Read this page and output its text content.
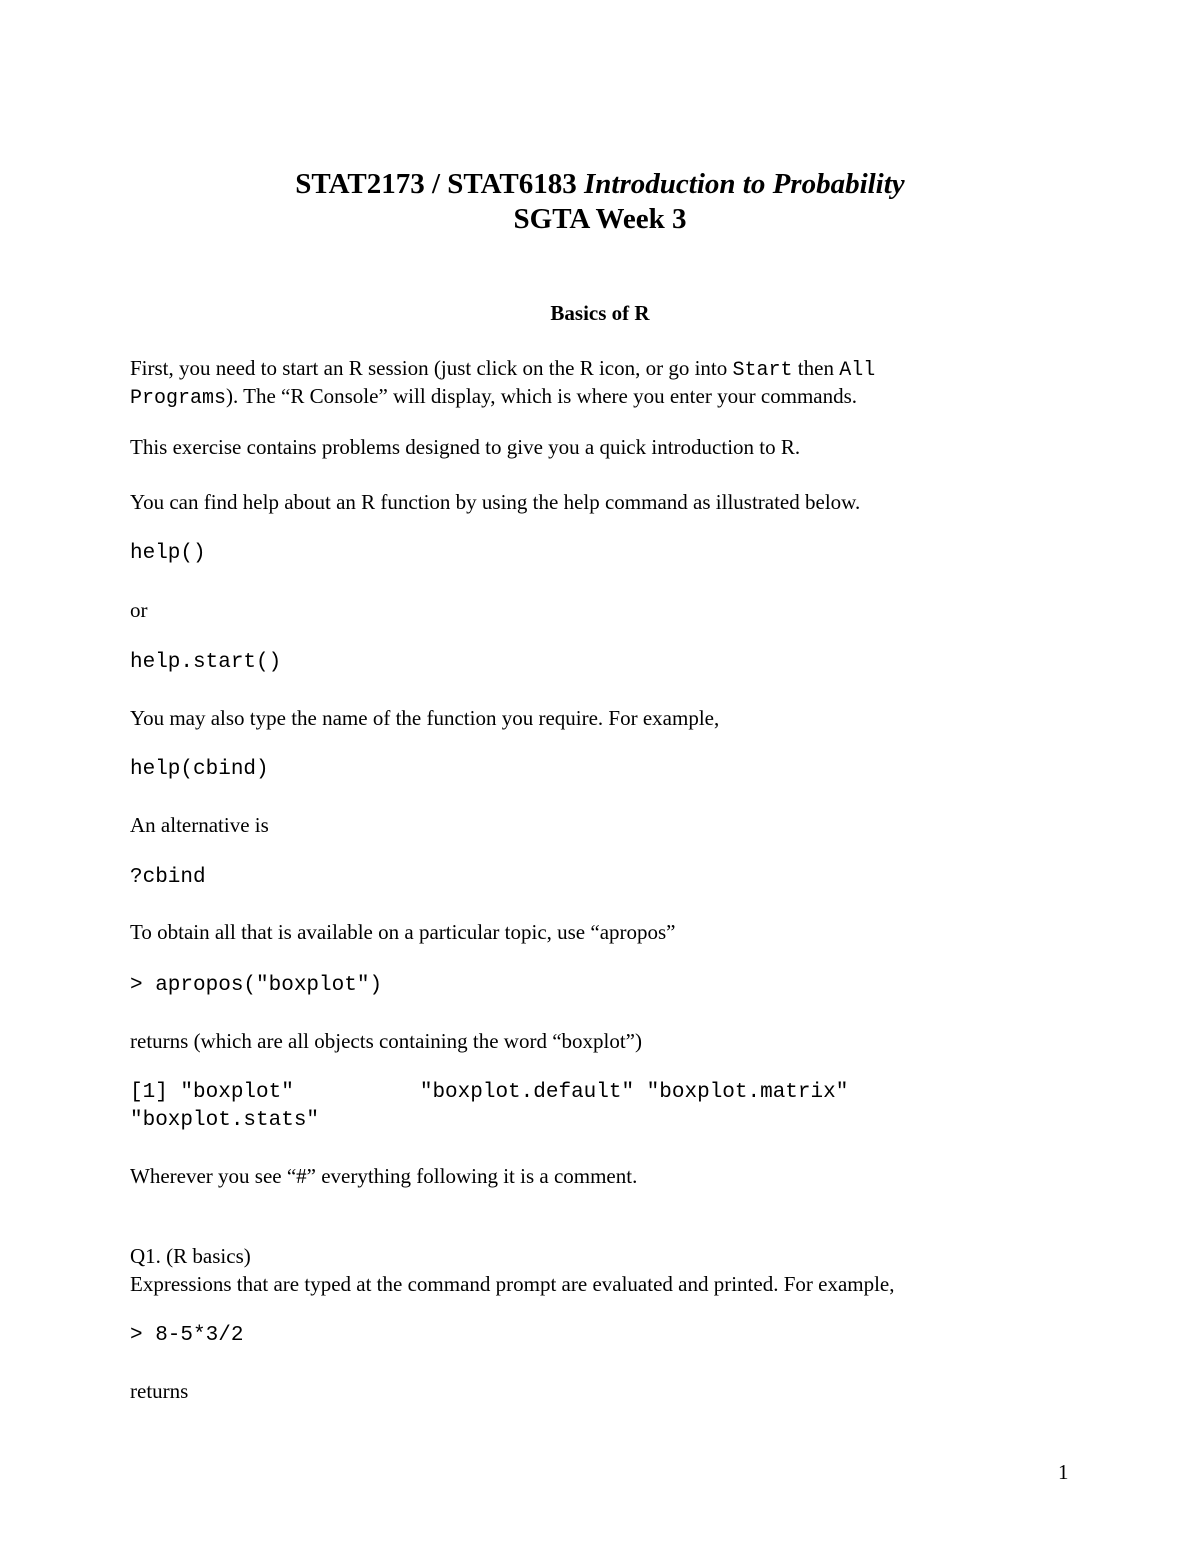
STAT2173 / STAT6183 Introduction to Probability
SGTA Week 3
Basics of R
First, you need to start an R session (just click on the R icon, or go into Start then All
Programs). The “R Console” will display, which is where you enter your commands.
This exercise contains problems designed to give you a quick introduction to R.
You can find help about an R function by using the help command as illustrated below.
help()
or
help.start()
You may also type the name of the function you require. For example,
help(cbind)
An alternative is
?cbind
To obtain all that is available on a particular topic, use “apropos”
> apropos("boxplot")
returns (which are all objects containing the word “boxplot”)
[1] "boxplot"          "boxplot.default" "boxplot.matrix"
"boxplot.stats"
Wherever you see “#” everything following it is a comment.
Q1. (R basics)
Expressions that are typed at the command prompt are evaluated and printed. For example,
> 8-5*3/2
returns
1
